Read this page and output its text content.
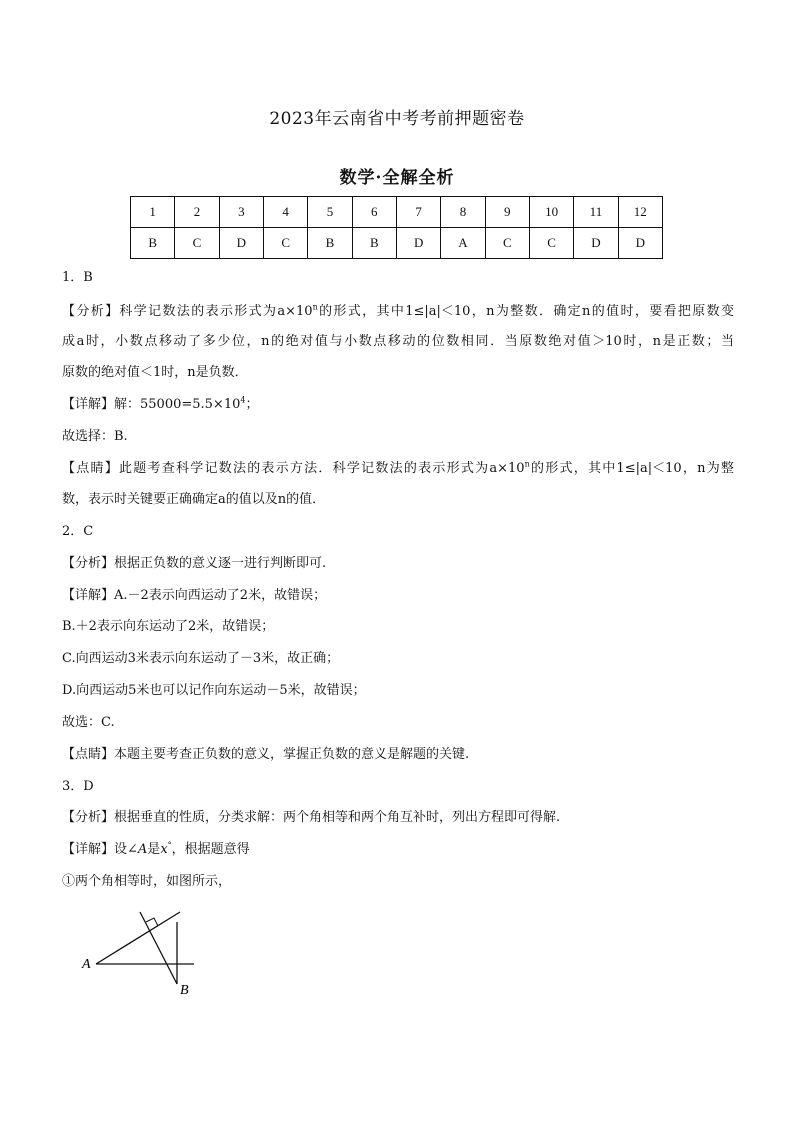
2023年云南省中考考前押题密卷
数学·全解全析
1	2	3	4	5	6	7	8	9	10	11	12
B	C	D	C	B	B	D	A	C	C	D	D
1．B
【分析】科学记数法的表示形式为$a\times 10^n$的形式，其中1≤|a|＜10，n为整数．确定n的值时，要看把原数变
成a时，小数点移动了多少位，n的绝对值与小数点移动的位数相同．当原数绝对值＞10时，n是正数；当
原数的绝对值＜1时，n是负数．
【详解】解：$55000=5.5\times 10^4$；
故选择：B.
【点睛】此题考查科学记数法的表示方法．科学记数法的表示形式为$a\times 10^n$的形式，其中1≤|a|＜10，n为整
数，表示时关键要正确确定a的值以及n的值．
2．C
【分析】根据正负数的意义逐一进行判断即可.
【详解】A.－2表示向西运动了2米，故错误；
B.＋2表示向东运动了2米，故错误；
C.向西运动3米表示向东运动了－3米，故正确；
D.向西运动5米也可以记作向东运动－5米，故错误；
故选：C.
【点睛】本题主要考查正负数的意义，掌握正负数的意义是解题的关键.
3．D
【分析】根据垂直的性质，分类求解：两个角相等和两个角互补时，列出方程即可得解.
【详解】设∠A是x°，根据题意得
①两个角相等时，如图所示，
A
B
